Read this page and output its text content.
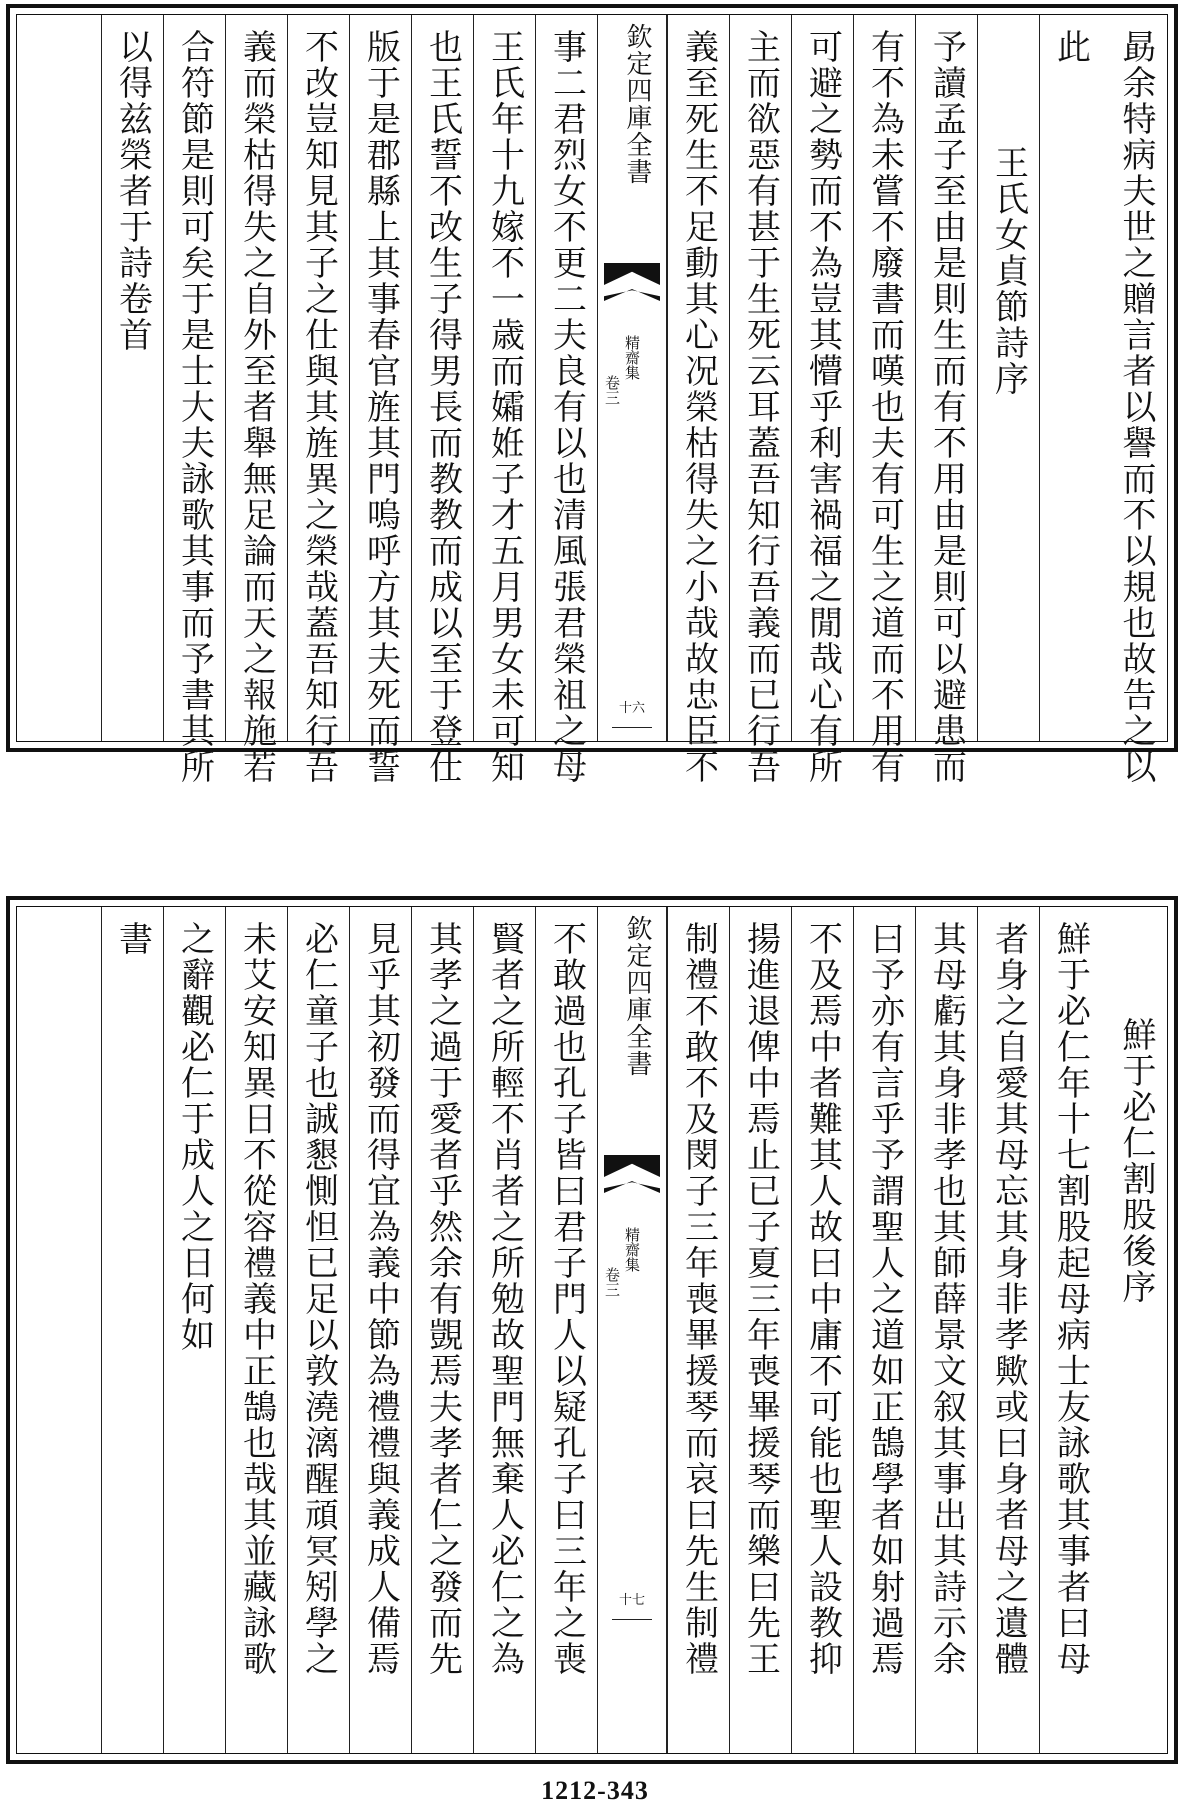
勗余特病夫世之贈言者以譽而不以規也故告之以
此
王氏女貞節詩序
予讀孟子至由是則生而有不用由是則可以避患而
有不為未嘗不廢書而嘆也夫有可生之道而不用有
可避之勢而不為豈其懵乎利害禍福之閒哉心有所
主而欲惡有甚于生死云耳蓋吾知行吾義而已行吾
義至死生不足動其心况榮枯得失之小哉故忠臣不
欽定四庫全書
精齋集
卷三
十六
事二君烈女不更二夫良有以也清風張君榮祖之母
王氏年十九嫁不一歳而孀姙子才五月男女未可知
也王氏誓不改生子得男長而教教而成以至于登仕
版于是郡縣上其事春官旌其門嗚呼方其夫死而誓
不改豈知見其子之仕與其旌異之榮哉蓋吾知行吾
義而榮枯得失之自外至者舉無足論而天之報施若
合符節是則可矣于是士大夫詠歌其事而予書其所
以得兹榮者于詩卷首
鮮于必仁割股後序
鮮于必仁年十七割股起母病士友詠歌其事者曰母
者身之自愛其母忘其身非孝歟或曰身者母之遺體
其母虧其身非孝也其師薛景文叙其事出其詩示余
曰予亦有言乎予謂聖人之道如正鵠學者如射過焉
不及焉中者難其人故曰中庸不可能也聖人設教抑
揚進退俾中焉止已子夏三年喪畢援琴而樂曰先王
制禮不敢不及閔子三年喪畢援琴而哀曰先生制禮
欽定四庫全書
精齋集
卷三
十七
不敢過也孔子皆曰君子門人以疑孔子曰三年之喪
賢者之所輕不肖者之所勉故聖門無棄人必仁之為
其孝之過于愛者乎然余有覬焉夫孝者仁之發而先
見乎其初發而得宜為義中節為禮禮與義成人備焉
必仁童子也誠懇惻怛已足以敦澆漓醒頑冥矧學之
未艾安知異日不從容禮義中正鵠也哉其並藏詠歌
之辭觀必仁于成人之日何如
書
1212-343
